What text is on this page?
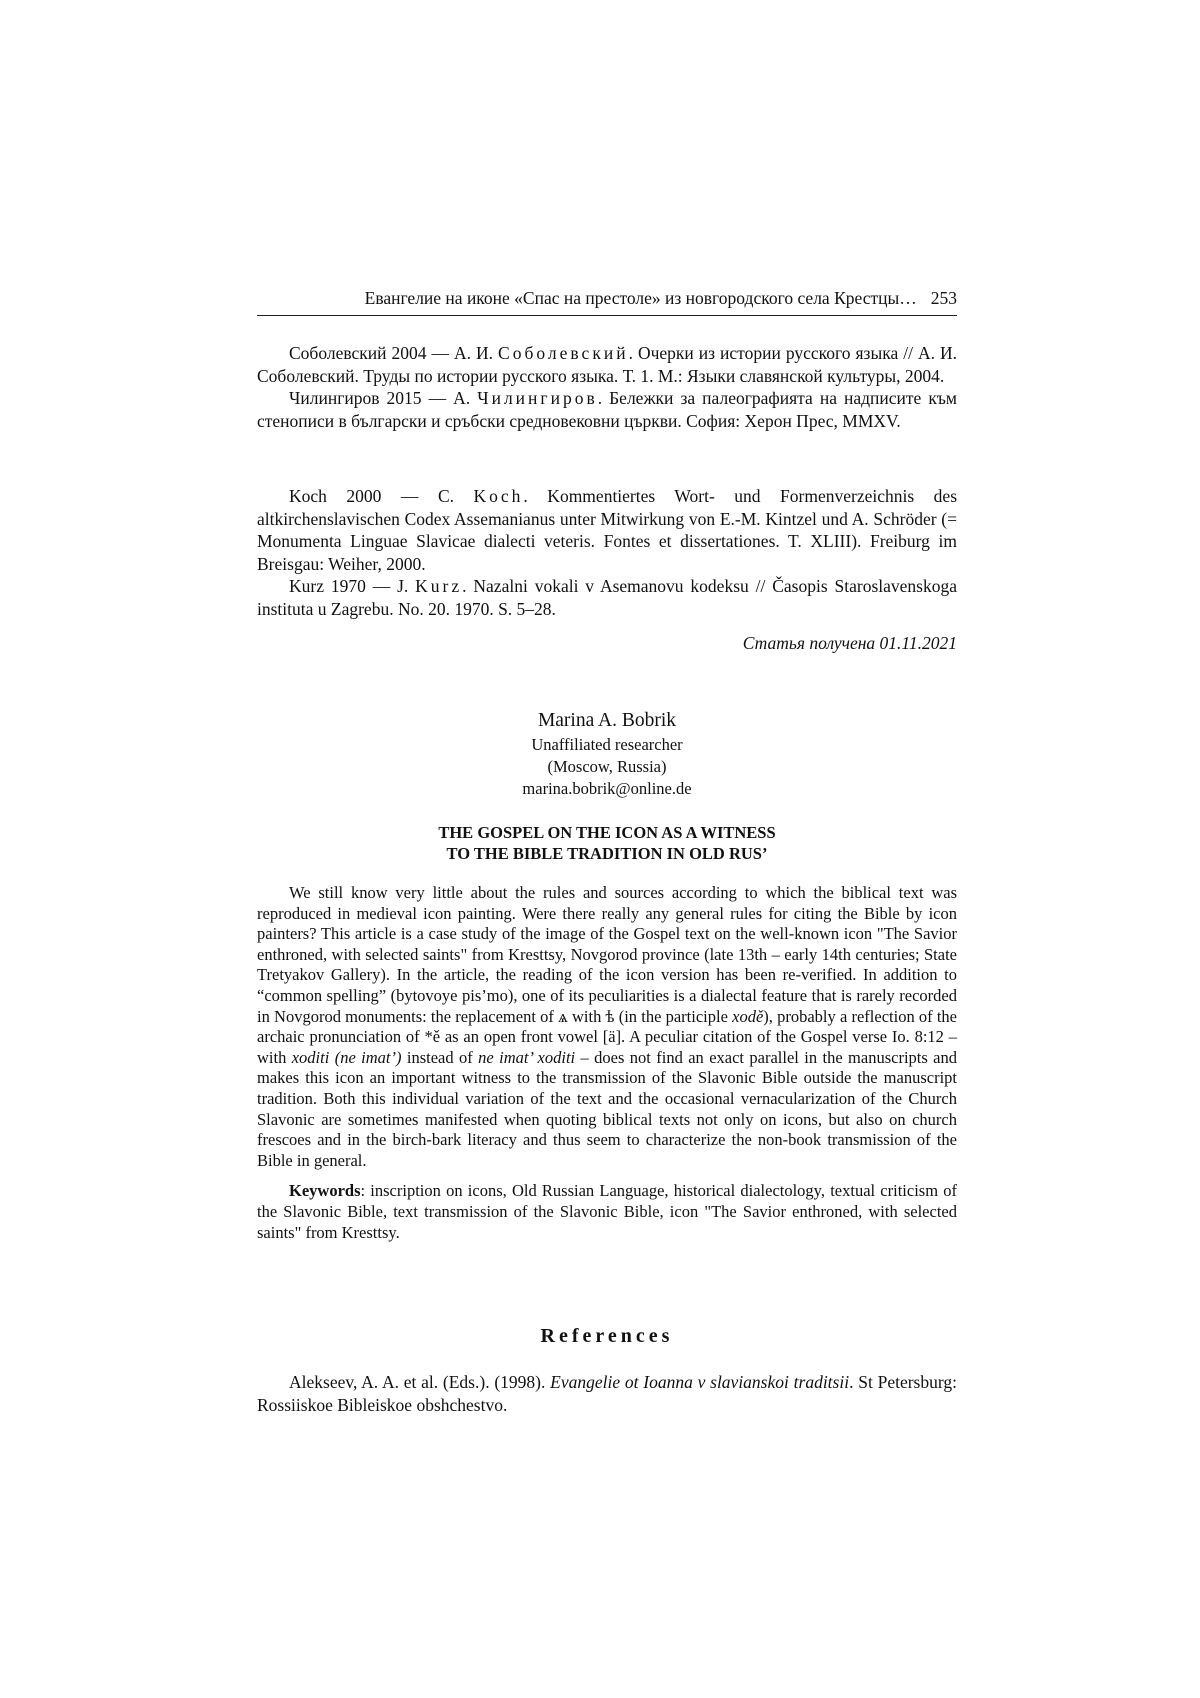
Евангелие на иконе «Спас на престоле» из новгородского села Крестцы… 253

Соболевский 2004 — А. И. Соболевский. Очерки из истории русского языка // А. И. Соболевский. Труды по истории русского языка. Т. 1. М.: Языки славянской культуры, 2004.

Чилингиров 2015 — А. Чилингиров. Бележки за палеографията на надписите към стенописи в български и сръбски средновековни църкви. София: Херон Прес, MMXV.

Koch 2000 — C. Koch. Kommentiertes Wort- und Formenverzeichnis des altkirchenslavischen Codex Assemanianus unter Mitwirkung von E.-M. Kintzel und A. Schröder (= Monumenta Linguae Slavicae dialecti veteris. Fontes et dissertationes. T. XLIII). Freiburg im Breisgau: Weiher, 2000.

Kurz 1970 — J. Kurz. Nazalni vokali v Asemanovu kodeksu // Časopis Staroslavenskoga instituta u Zagrebu. No. 20. 1970. S. 5–28.

Статья получена 01.11.2021
Marina A. Bobrik
Unaffiliated researcher
(Moscow, Russia)
marina.bobrik@online.de
THE GOSPEL ON THE ICON AS A WITNESS
TO THE BIBLE TRADITION IN OLD RUS’

We still know very little about the rules and sources according to which the biblical text was reproduced in medieval icon painting. Were there really any general rules for citing the Bible by icon painters? This article is a case study of the image of the Gospel text on the well-known icon "The Savior enthroned, with selected saints" from Kresttsy, Novgorod province (late 13th – early 14th centuries; State Tretyakov Gallery). In the article, the reading of the icon version has been re-verified. In addition to “common spelling” (bytovoye pis’mo), one of its peculiarities is a dialectal feature that is rarely recorded in Novgorod monuments: the replacement of ѧ with ѣ (in the participle xodě), probably a reflection of the archaic pronunciation of *ě as an open front vowel [ä]. A peculiar citation of the Gospel verse Io. 8:12 – with xoditi (ne imat’) instead of ne imat’ xoditi – does not find an exact parallel in the manuscripts and makes this icon an important witness to the transmission of the Slavonic Bible outside the manuscript tradition. Both this individual variation of the text and the occasional vernacularization of the Church Slavonic are sometimes manifested when quoting biblical texts not only on icons, but also on church frescoes and in the birch-bark literacy and thus seem to characterize the non-book transmission of the Bible in general.

Keywords: inscription on icons, Old Russian Language, historical dialectology, textual criticism of the Slavonic Bible, text transmission of the Slavonic Bible, icon "The Savior enthroned, with selected saints" from Kresttsy.

References

Alekseev, A. A. et al. (Eds.). (1998). Evangelie ot Ioanna v slavianskoi traditsii. St Petersburg: Rossiiskoe Bibleiskoe obshchestvo.
